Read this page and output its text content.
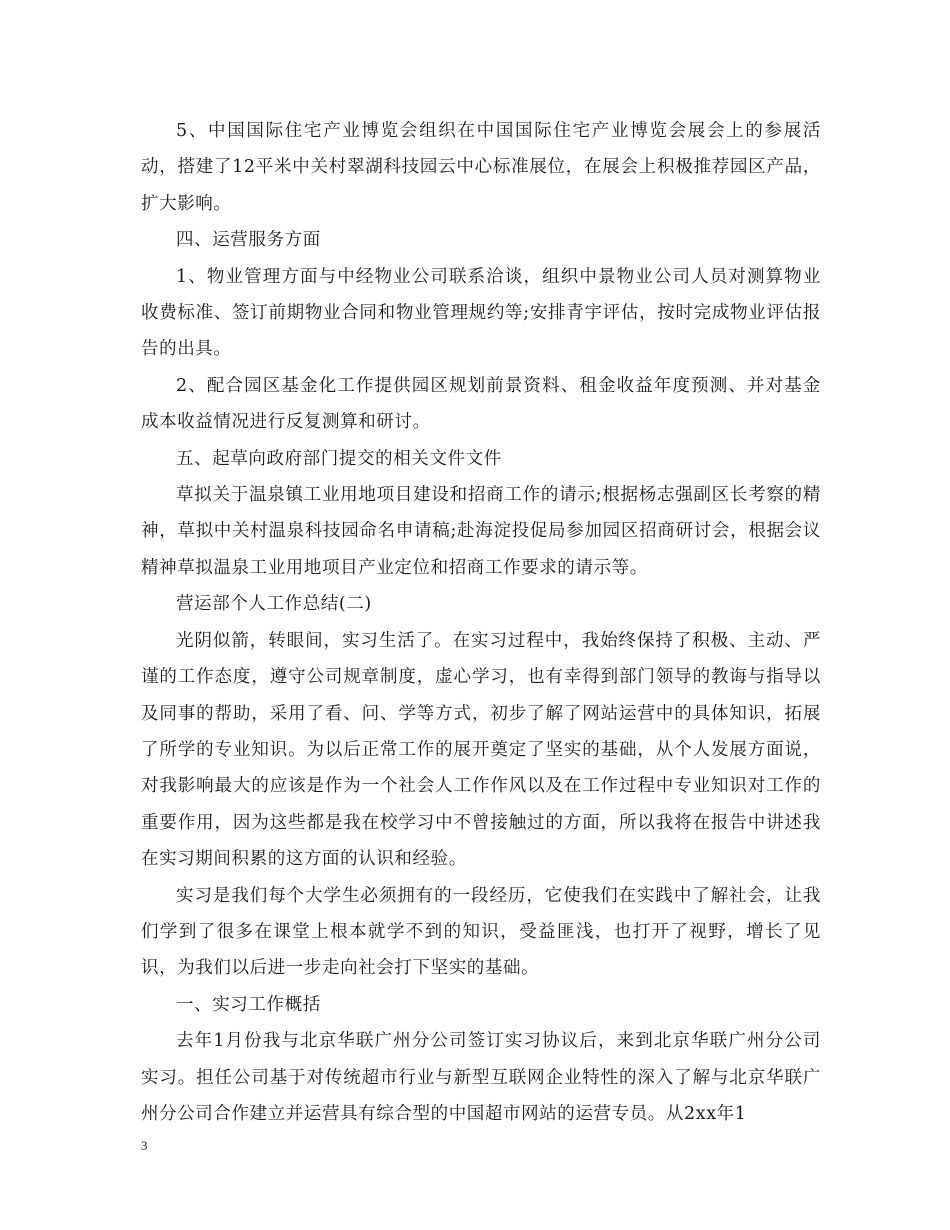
5、中国国际住宅产业博览会组织在中国国际住宅产业博览会展会上的参展活动，搭建了12平米中关村翠湖科技园云中心标准展位，在展会上积极推荐园区产品，扩大影响。

四、运营服务方面

1、物业管理方面与中经物业公司联系洽谈，组织中景物业公司人员对测算物业收费标准、签订前期物业合同和物业管理规约等;安排青宇评估，按时完成物业评估报告的出具。

2、配合园区基金化工作提供园区规划前景资料、租金收益年度预测、并对基金成本收益情况进行反复测算和研讨。

五、起草向政府部门提交的相关文件文件

草拟关于温泉镇工业用地项目建设和招商工作的请示;根据杨志强副区长考察的精神，草拟中关村温泉科技园命名申请稿;赴海淀投促局参加园区招商研讨会，根据会议精神草拟温泉工业用地项目产业定位和招商工作要求的请示等。

营运部个人工作总结(二)

光阴似箭，转眼间，实习生活了。在实习过程中，我始终保持了积极、主动、严谨的工作态度，遵守公司规章制度，虚心学习，也有幸得到部门领导的教诲与指导以及同事的帮助，采用了看、问、学等方式，初步了解了网站运营中的具体知识，拓展了所学的专业知识。为以后正常工作的展开奠定了坚实的基础，从个人发展方面说，对我影响最大的应该是作为一个社会人工作作风以及在工作过程中专业知识对工作的重要作用，因为这些都是我在校学习中不曾接触过的方面，所以我将在报告中讲述我在实习期间积累的这方面的认识和经验。

实习是我们每个大学生必须拥有的一段经历，它使我们在实践中了解社会，让我们学到了很多在课堂上根本就学不到的知识，受益匪浅，也打开了视野，增长了见识，为我们以后进一步走向社会打下坚实的基础。

一、实习工作概括

去年1月份我与北京华联广州分公司签订实习协议后，来到北京华联广州分公司实习。担任公司基于对传统超市行业与新型互联网企业特性的深入了解与北京华联广州分公司合作建立并运营具有综合型的中国超市网站的运营专员。从2xx年1

3
